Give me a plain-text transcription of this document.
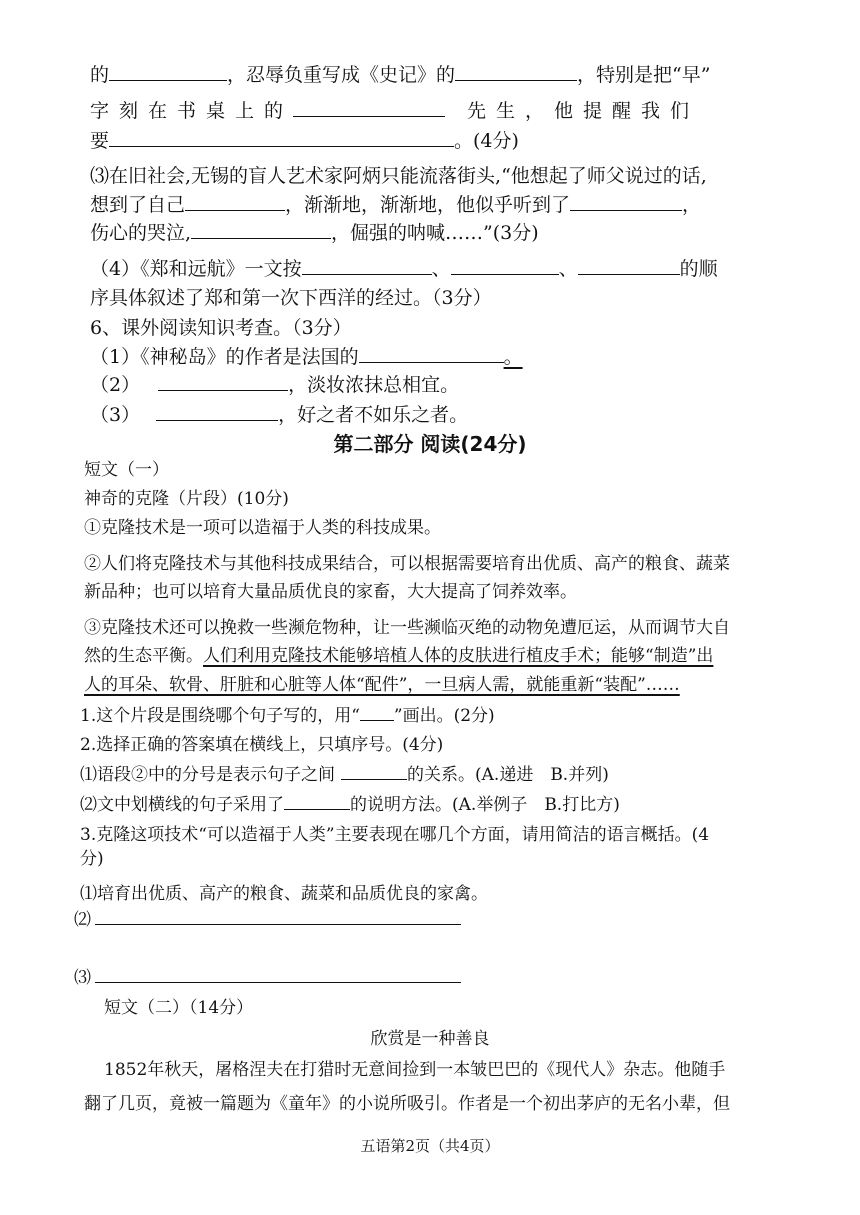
的	，忍辱负重写成《史记》的	，特别是把“早”
字刻在书桌上的	先生，他提醒我们
要	。(4分)
⑶在旧社会,无锡的盲人艺术家阿炳只能流落街头,“他想起了师父说过的话,
想到了自己	，渐渐地，渐渐地，他似乎听到了	，
伤心的哭泣,	，倔强的呐喊……”(3分)
（4）《郑和远航》一文按	、	、	的顺
序具体叙述了郑和第一次下西洋的经过。（3分）
6、课外阅读知识考查。（3分）
（1）《神秘岛》的作者是法国的	。
（2）	，淡妆浓抹总相宜。
（3）	，好之者不如乐之者。
第二部分 阅读(24分)
短文（一）
神奇的克隆（片段）(10分)
①克隆技术是一项可以造福于人类的科技成果。
②人们将克隆技术与其他科技成果结合，可以根据需要培育出优质、高产的粮食、蔬菜
新品种；也可以培育大量品质优良的家畜，大大提高了饲养效率。
③克隆技术还可以挽救一些濒危物种，让一些濒临灭绝的动物免遭厄运，从而调节大自
然的生态平衡。人们利用克隆技术能够培植人体的皮肤进行植皮手术；能够“制造”出
人的耳朵、软骨、肝脏和心脏等人体“配件”，一旦病人需，就能重新“装配”……
1.这个片段是围绕哪个句子写的，用“ ”画出。(2分)
2.选择正确的答案填在横线上，只填序号。(4分)
⑴语段②中的分号是表示句子之间	的关系。(A.递进　B.并列)
⑵文中划横线的句子采用了	的说明方法。(A.举例子　B.打比方)
3.克隆这项技术“可以造福于人类”主要表现在哪几个方面，请用简洁的语言概括。(4
分)
⑴培育出优质、高产的粮食、蔬菜和品质优良的家禽。
⑵
⑶
短文（二）（14分）
欣赏是一种善良
1852年秋天，屠格涅夫在打猎时无意间捡到一本皱巴巴的《现代人》杂志。他随手
翻了几页，竟被一篇题为《童年》的小说所吸引。作者是一个初出茅庐的无名小辈，但
五语第2页（共4页）
